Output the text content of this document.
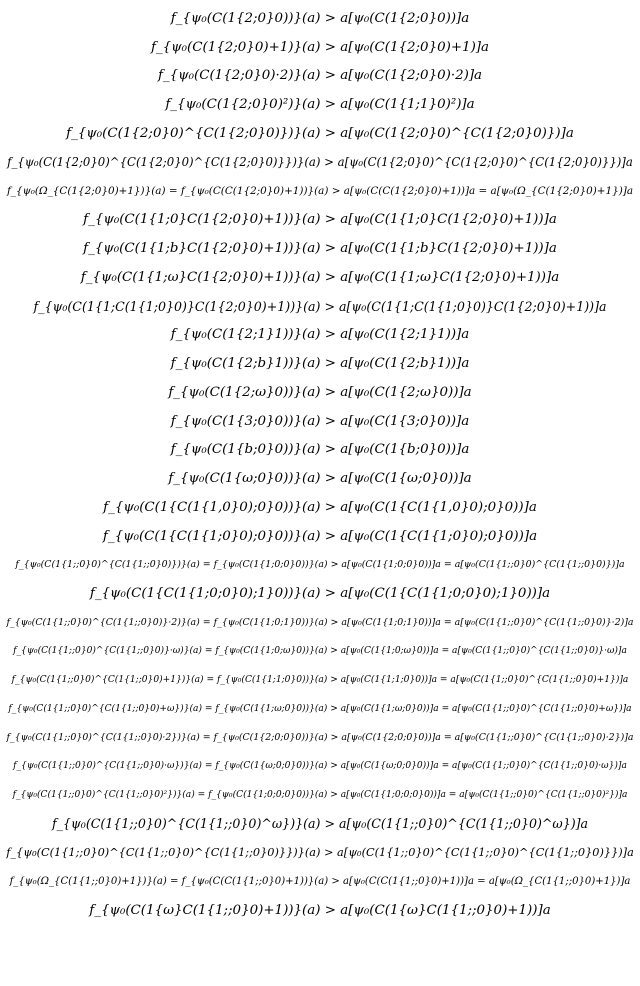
f_{ψ₀(C(1{2;0}0))}(a) > a[ψ₀(C(1{2;0}0))]a
f_{ψ₀(C(1{2;0}0)+1)}(a) > a[ψ₀(C(1{2;0}0)+1)]a
f_{ψ₀(C(1{2;0}0)·2)}(a) > a[ψ₀(C(1{2;0}0)·2)]a
f_{ψ₀(C(1{2;0}0)²)}(a) > a[ψ₀(C(1{1;1}0)²)]a
f_{ψ₀(C(1{2;0}0)^{C(1{2;0}0)})}(a) > a[ψ₀(C(1{2;0}0)^{C(1{2;0}0)})]a
f_{ψ₀(C(1{2;0}0)^{C(1{2;0}0)^{C(1{2;0}0)}})}(a) > a[ψ₀(C(1{2;0}0)^{C(1{2;0}0)^{C(1{2;0}0)}})]a
f_{ψ₀(Ω_{C(1{2;0}0)+1})}(a) = f_{ψ₀(C(C(1{2;0}0)+1))}(a) > a[ψ₀(C(C(1{2;0}0)+1))]a = a[ψ₀(Ω_{C(1{2;0}0)+1})]a
f_{ψ₀(C(1{1;0}C(1{2;0}0)+1))}(a) > a[ψ₀(C(1{1;0}C(1{2;0}0)+1))]a
f_{ψ₀(C(1{1;b}C(1{2;0}0)+1))}(a) > a[ψ₀(C(1{1;b}C(1{2;0}0)+1))]a
f_{ψ₀(C(1{1;ω}C(1{2;0}0)+1))}(a) > a[ψ₀(C(1{1;ω}C(1{2;0}0)+1))]a
f_{ψ₀(C(1{1;C(1{1;0}0)}C(1{2;0}0)+1))}(a) > a[ψ₀(C(1{1;C(1{1;0}0)}C(1{2;0}0)+1))]a
f_{ψ₀(C(1{2;1}1))}(a) > a[ψ₀(C(1{2;1}1))]a
f_{ψ₀(C(1{2;b}1))}(a) > a[ψ₀(C(1{2;b}1))]a
f_{ψ₀(C(1{2;ω}0))}(a) > a[ψ₀(C(1{2;ω}0))]a
f_{ψ₀(C(1{3;0}0))}(a) > a[ψ₀(C(1{3;0}0))]a
f_{ψ₀(C(1{b;0}0))}(a) > a[ψ₀(C(1{b;0}0))]a
f_{ψ₀(C(1{ω;0}0))}(a) > a[ψ₀(C(1{ω;0}0))]a
f_{ψ₀(C(1{C(1{1,0}0);0}0))}(a) > a[ψ₀(C(1{C(1{1,0}0);0}0))]a
f_{ψ₀(C(1{C(1{1;0}0);0}0))}(a) > a[ψ₀(C(1{C(1{1;0}0);0}0))]a
f_{ψ₀(C(1{1;;0}0)^{C(1{1;;0}0)})}(a) = f_{ψ₀(C(1{1;0;0}0))}(a) > a[ψ₀(C(1{1;0;0}0))]a = a[ψ₀(C(1{1;;0}0)^{C(1{1;;0}0)})]a
f_{ψ₀(C(1{C(1{1;0;0}0);1}0))}(a) > a[ψ₀(C(1{C(1{1;0;0}0);1}0))]a
f_{ψ₀(C(1{1;;0}0)^{C(1{1;;0}0)}·2)}(a) = f_{ψ₀(C(1{1;0;1}0))}(a) > a[ψ₀(C(1{1;0;1}0))]a = a[ψ₀(C(1{1;;0}0)^{C(1{1;;0}0)}·2)]a
f_{ψ₀(C(1{1;;0}0)^{C(1{1;;0}0)}·ω)}(a) = f_{ψ₀(C(1{1;0;ω}0))}(a) > a[ψ₀(C(1{1;0;ω}0))]a = a[ψ₀(C(1{1;;0}0)^{C(1{1;;0}0)}·ω)]a
f_{ψ₀(C(1{1;;0}0)^{C(1{1;;0}0)+1})}(a) = f_{ψ₀(C(1{1;1;0}0))}(a) > a[ψ₀(C(1{1;1;0}0))]a = a[ψ₀(C(1{1;;0}0)^{C(1{1;;0}0)+1})]a
f_{ψ₀(C(1{1;;0}0)^{C(1{1;;0}0)+ω})}(a) = f_{ψ₀(C(1{1;ω;0}0))}(a) > a[ψ₀(C(1{1;ω;0}0))]a = a[ψ₀(C(1{1;;0}0)^{C(1{1;;0}0)+ω})]a
f_{ψ₀(C(1{1;;0}0)^{C(1{1;;0}0)·2})}(a) = f_{ψ₀(C(1{2;0;0}0))}(a) > a[ψ₀(C(1{2;0;0}0))]a = a[ψ₀(C(1{1;;0}0)^{C(1{1;;0}0)·2})]a
f_{ψ₀(C(1{1;;0}0)^{C(1{1;;0}0)·ω})}(a) = f_{ψ₀(C(1{ω;0;0}0))}(a) > a[ψ₀(C(1{ω;0;0}0))]a = a[ψ₀(C(1{1;;0}0)^{C(1{1;;0}0)·ω})]a
f_{ψ₀(C(1{1;;0}0)^{C(1{1;;0}0)²})}(a) = f_{ψ₀(C(1{1;0;0;0}0))}(a) > a[ψ₀(C(1{1;0;0;0}0))]a = a[ψ₀(C(1{1;;0}0)^{C(1{1;;0}0)²})]a
f_{ψ₀(C(1{1;;0}0)^{C(1{1;;0}0)^ω})}(a) > a[ψ₀(C(1{1;;0}0)^{C(1{1;;0}0)^ω})]a
f_{ψ₀(C(1{1;;0}0)^{C(1{1;;0}0)^{C(1{1;;0}0)}})}(a) > a[ψ₀(C(1{1;;0}0)^{C(1{1;;0}0)^{C(1{1;;0}0)}})]a
f_{ψ₀(Ω_{C(1{1;;0}0)+1})}(a) = f_{ψ₀(C(C(1{1;;0}0)+1))}(a) > a[ψ₀(C(C(1{1;;0}0)+1))]a = a[ψ₀(Ω_{C(1{1;;0}0)+1})]a
f_{ψ₀(C(1{ω}C(1{1;;0}0)+1))}(a) > a[ψ₀(C(1{ω}C(1{1;;0}0)+1))]a
